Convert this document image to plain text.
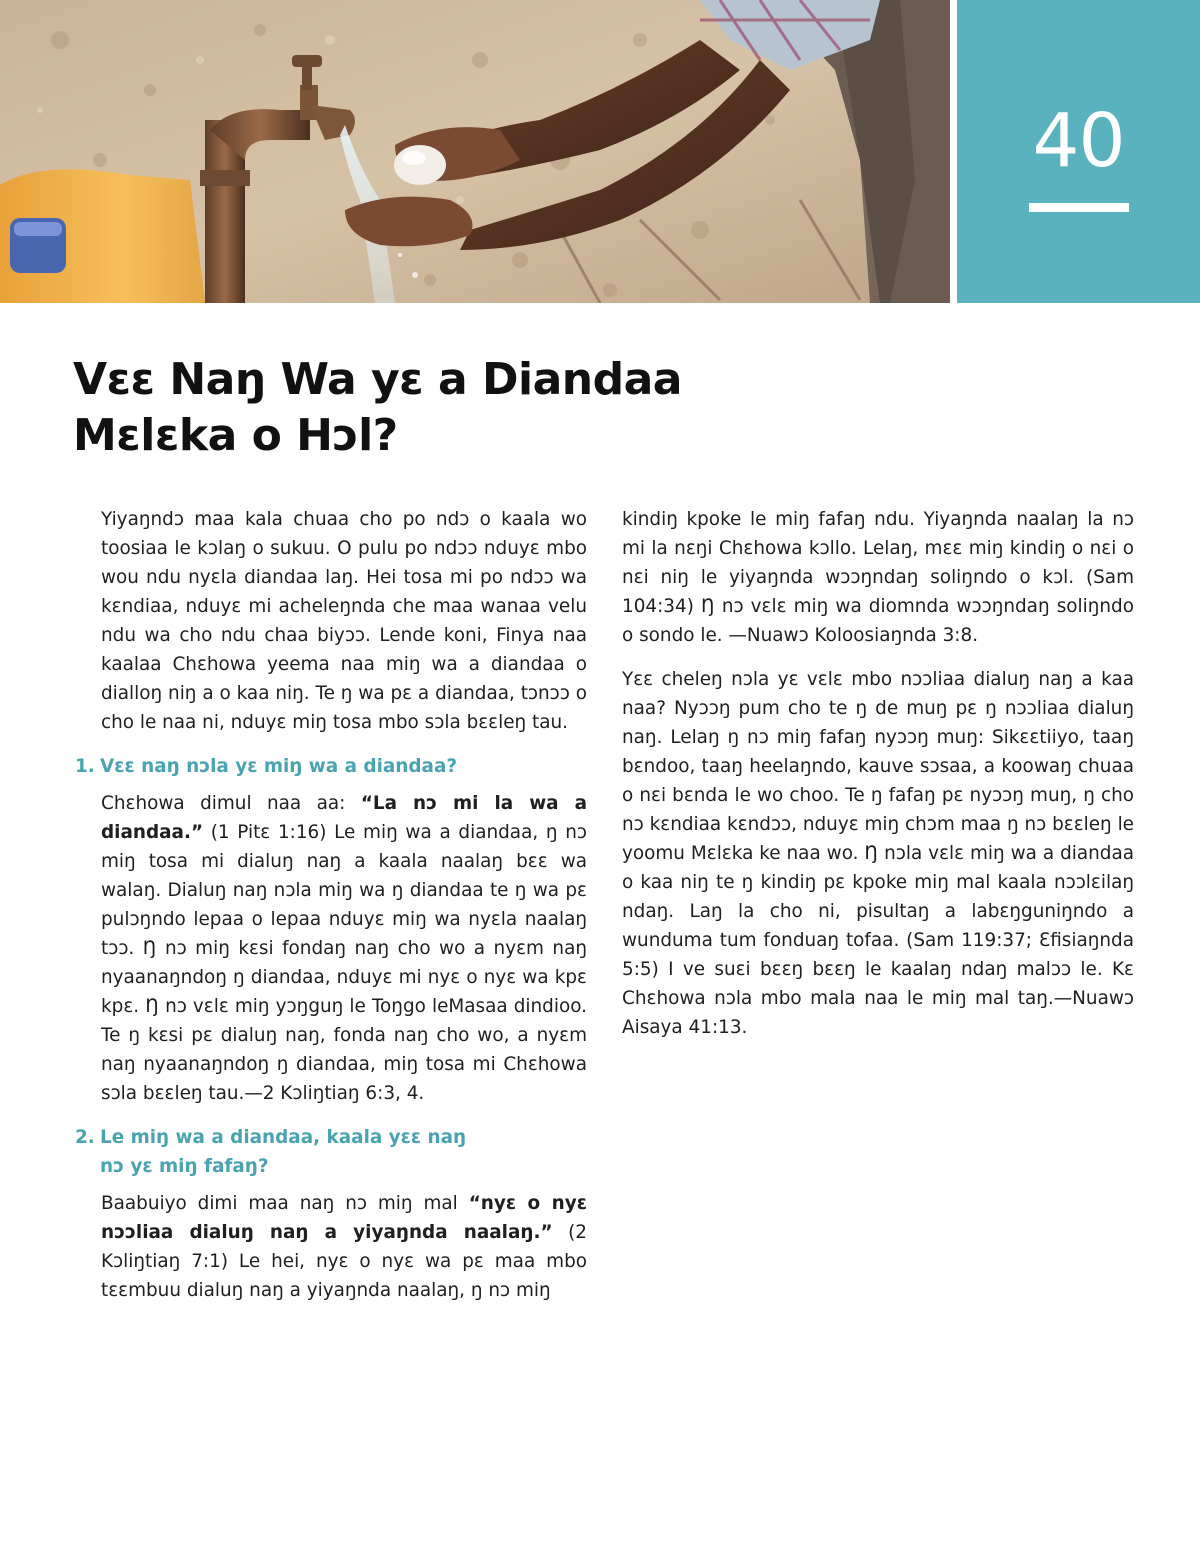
40
Vɛɛ Naŋ Wa yɛ a Diandaa
Mɛlɛka o Hɔl?

Yiyaŋndɔ maa kala chuaa cho po ndɔ o kaala wo toosiaa le kɔlaŋ o sukuu. O pulu po ndɔɔ nduyɛ mbo wou ndu nyɛla diandaa laŋ. Hei tosa mi po ndɔɔ wa kɛndiaa, nduyɛ mi acheleŋnda che maa wanaa velu ndu wa cho ndu chaa biyɔɔ. Lende koni, Finya naa kaalaa Chɛhowa yeema naa miŋ wa a diandaa o dialloŋ niŋ a o kaa niŋ. Te ŋ wa pɛ a diandaa, tɔnɔɔ o cho le naa ni, nduyɛ miŋ tosa mbo sɔla bɛɛleŋ tau.

1. Vɛɛ naŋ nɔla yɛ miŋ wa a diandaa?

Chɛhowa dimul naa aa: “La nɔ mi la wa a diandaa.” (1 Pitɛ 1:16) Le miŋ wa a diandaa, ŋ nɔ miŋ tosa mi dialuŋ naŋ a kaala naalaŋ bɛɛ wa walaŋ. Dialuŋ naŋ nɔla miŋ wa ŋ diandaa te ŋ wa pɛ pulɔŋndo lepaa o lepaa nduyɛ miŋ wa nyɛla naalaŋ tɔɔ. Ŋ nɔ miŋ kɛsi fondaŋ naŋ cho wo a nyɛm naŋ nyaanaŋndoŋ ŋ diandaa, nduyɛ mi nyɛ o nyɛ wa kpɛ kpɛ. Ŋ nɔ vɛlɛ miŋ yɔŋguŋ le Toŋgo leMasaa dindioo. Te ŋ kɛsi pɛ dialuŋ naŋ, fonda naŋ cho wo, a nyɛm naŋ nyaanaŋndoŋ ŋ diandaa, miŋ tosa mi Chɛhowa sɔla bɛɛleŋ tau.—2 Kɔliŋtiaŋ 6:3, 4.

2. Le miŋ wa a diandaa, kaala yɛɛ naŋ
nɔ yɛ miŋ fafaŋ?

Baabuiyo dimi maa naŋ nɔ miŋ mal “nyɛ o nyɛ nɔɔliaa dialuŋ naŋ a yiyaŋnda naalaŋ.” (2 Kɔliŋtiaŋ 7:1) Le hei, nyɛ o nyɛ wa pɛ maa mbo tɛɛmbuu dialuŋ naŋ a yiyaŋnda naalaŋ, ŋ nɔ miŋ

kindiŋ kpoke le miŋ fafaŋ ndu. Yiyaŋnda naalaŋ la nɔ mi la nɛŋi Chɛhowa kɔllo. Lelaŋ, mɛɛ miŋ kindiŋ o nɛi o nɛi niŋ le yiyaŋnda wɔɔŋndaŋ soliŋndo o kɔl. (Sam 104:34) Ŋ nɔ vɛlɛ miŋ wa diomnda wɔɔŋndaŋ soliŋndo o sondo le. —Nuawɔ Koloosiaŋnda 3:8.

Yɛɛ cheleŋ nɔla yɛ vɛlɛ mbo nɔɔliaa dialuŋ naŋ a kaa naa? Nyɔɔŋ pum cho te ŋ de muŋ pɛ ŋ nɔɔliaa dialuŋ naŋ. Lelaŋ ŋ nɔ miŋ fafaŋ nyɔɔŋ muŋ: Sikɛɛtiiyo, taaŋ bɛndoo, taaŋ heelaŋndo, kauve sɔsaa, a koowaŋ chuaa o nɛi bɛnda le wo choo. Te ŋ fafaŋ pɛ nyɔɔŋ muŋ, ŋ cho nɔ kɛndiaa kɛndɔɔ, nduyɛ miŋ chɔm maa ŋ nɔ bɛɛleŋ le yoomu Mɛlɛka ke naa wo. Ŋ nɔla vɛlɛ miŋ wa a diandaa o kaa niŋ te ŋ kindiŋ pɛ kpoke miŋ mal kaala nɔɔlɛilaŋ ndaŋ. Laŋ la cho ni, pisultaŋ a labɛŋguniŋndo a wunduma tum fonduaŋ tofaa. (Sam 119:37; Ɛfisiaŋnda 5:5) I ve suɛi bɛɛŋ bɛɛŋ le kaalaŋ ndaŋ malɔɔ le. Kɛ Chɛhowa nɔla mbo mala naa le miŋ mal taŋ.—Nuawɔ Aisaya 41:13.
